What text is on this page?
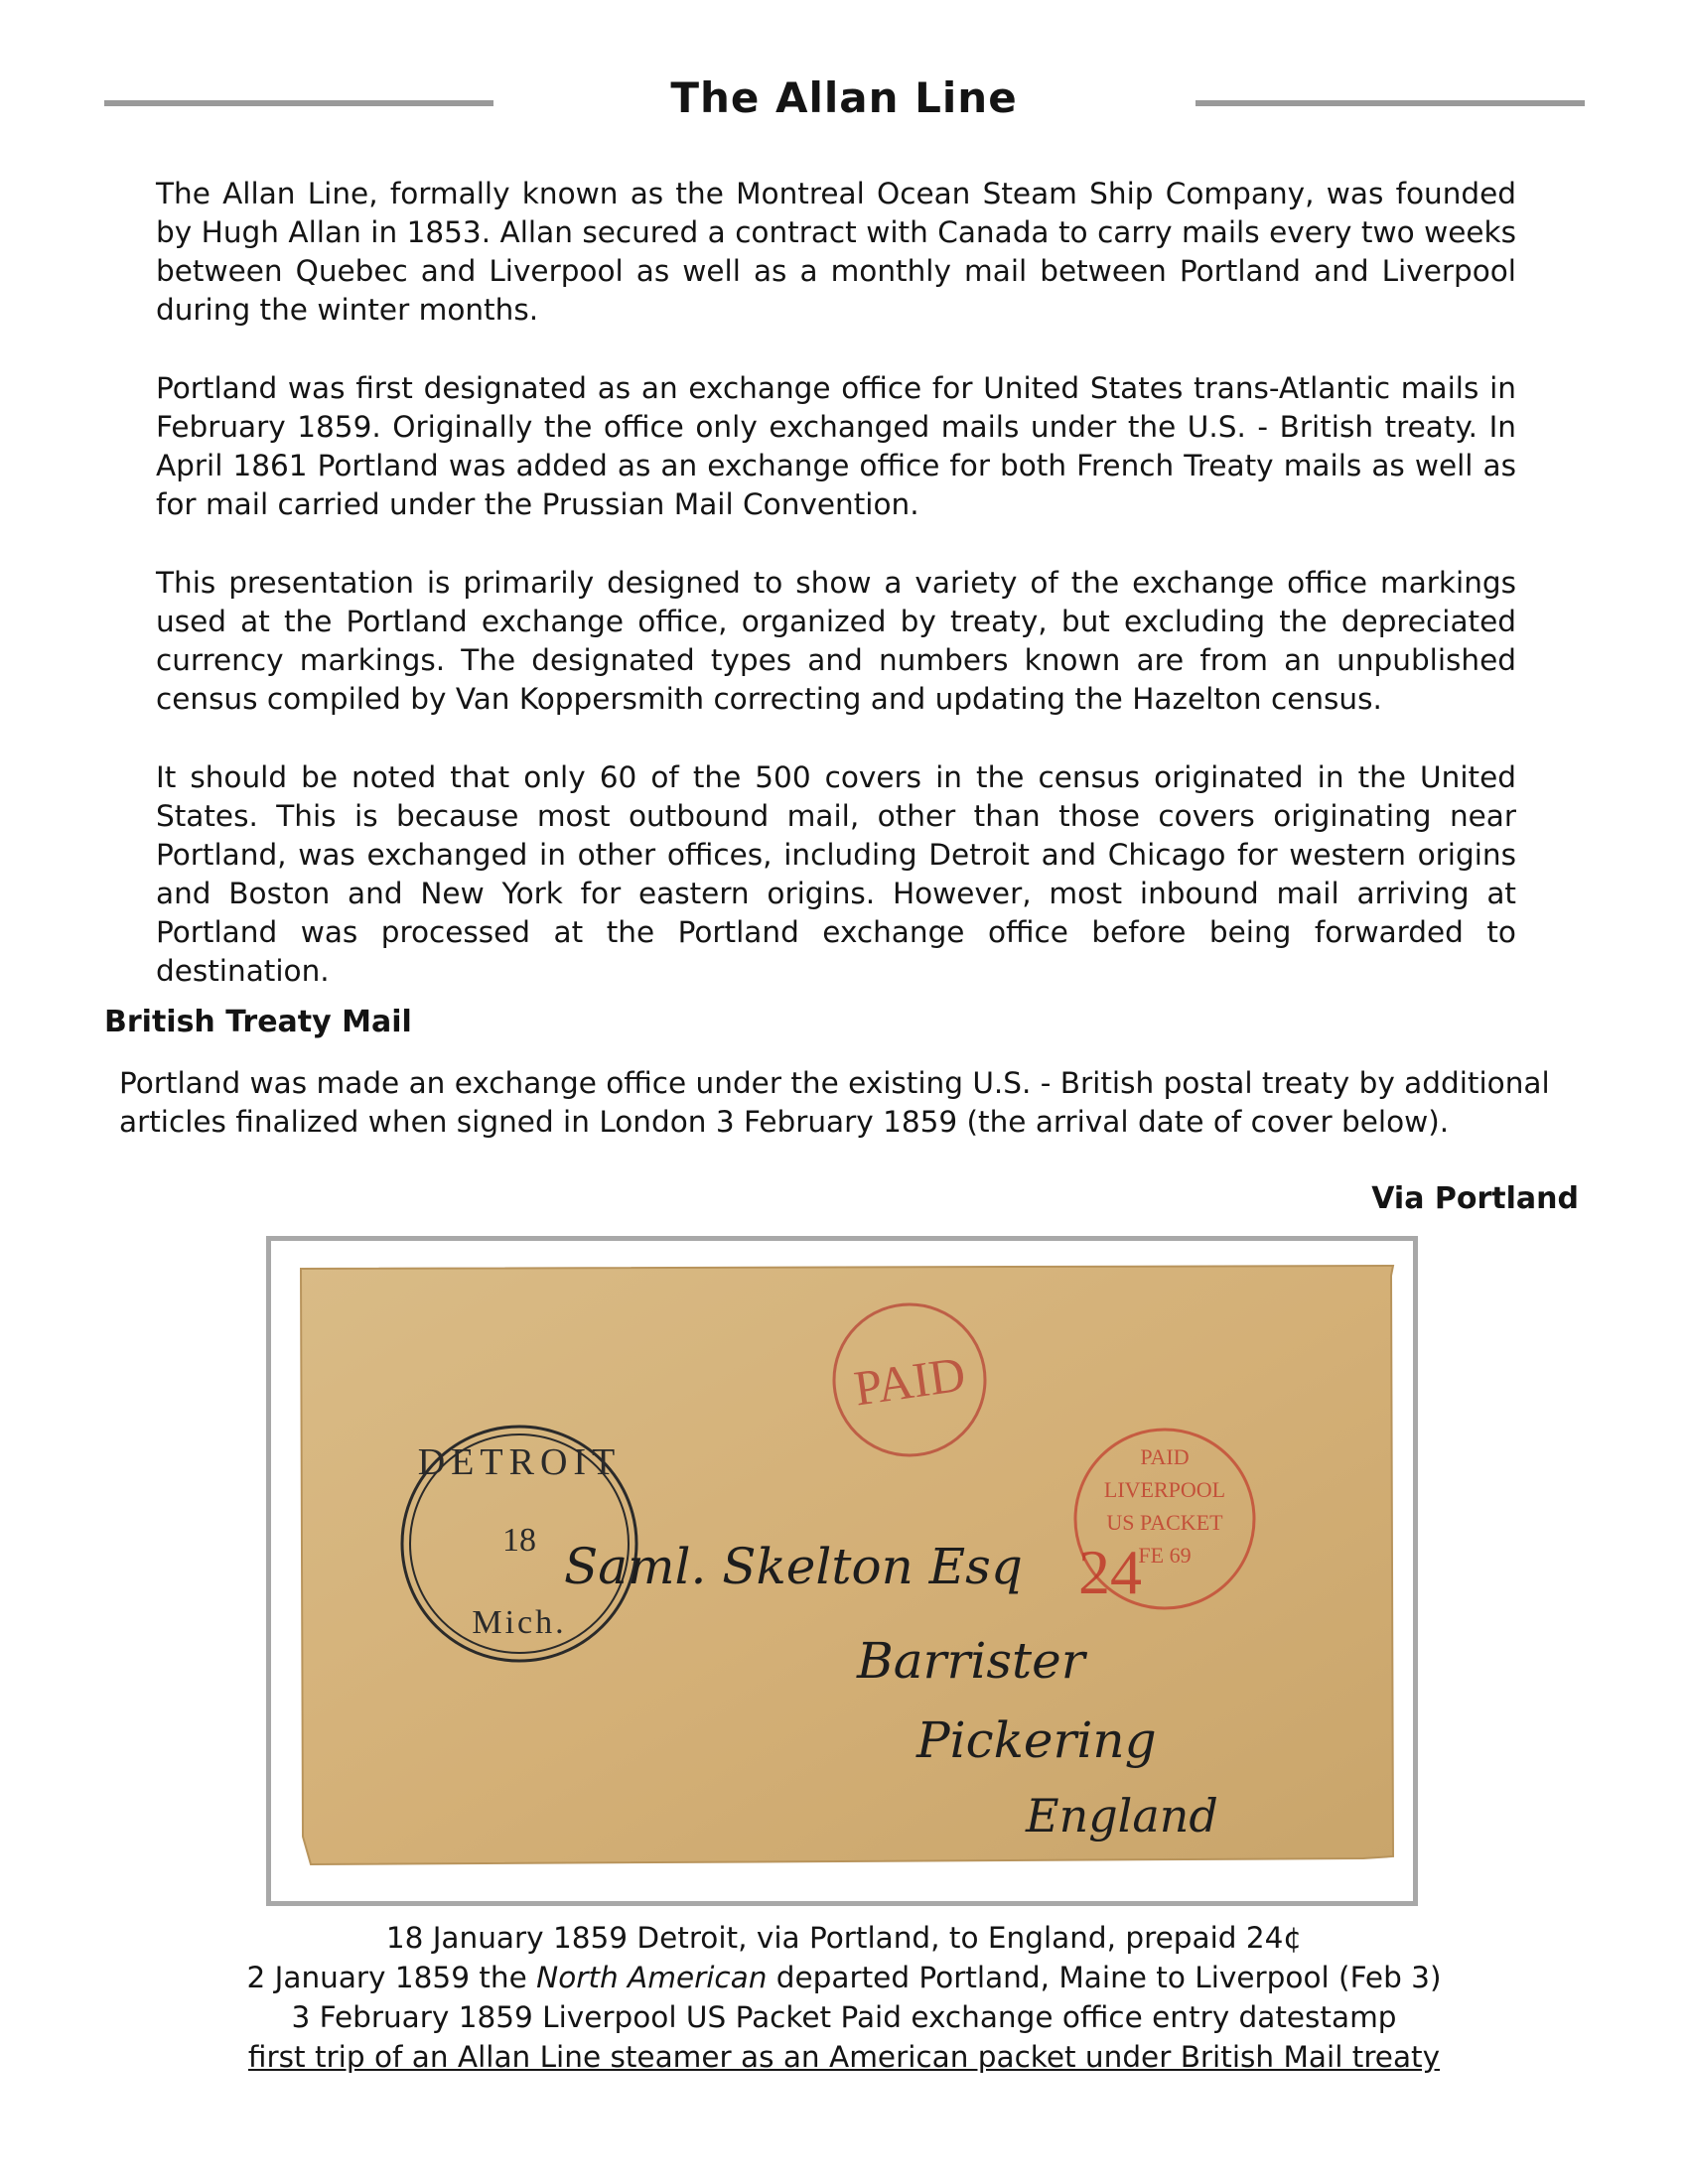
The Allan Line

The Allan Line, formally known as the Montreal Ocean Steam Ship Company, was founded by Hugh Allan in 1853. Allan secured a contract with Canada to carry mails every two weeks between Quebec and Liverpool as well as a monthly mail between Portland and Liverpool during the winter months.

Portland was first designated as an exchange office for United States trans-Atlantic mails in February 1859. Originally the office only exchanged mails under the U.S. - British treaty. In April 1861 Portland was added as an exchange office for both French Treaty mails as well as for mail carried under the Prussian Mail Convention.

This presentation is primarily designed to show a variety of the exchange office markings used at the Portland exchange office, organized by treaty, but excluding the depreciated currency markings. The designated types and numbers known are from an unpublished census compiled by Van Koppersmith correcting and updating the Hazelton census.

It should be noted that only 60 of the 500 covers in the census originated in the United States. This is because most outbound mail, other than those covers originating near Portland, was exchanged in other offices, including Detroit and Chicago for western origins and Boston and New York for eastern origins. However, most inbound mail arriving at Portland was processed at the Portland exchange office before being forwarded to destination.

British Treaty Mail

Portland was made an exchange office under the existing U.S. - British postal treaty by additional articles finalized when signed in London 3 February 1859 (the arrival date of cover below).

Via Portland

PAID
DETROIT
18
Mich.
PAID
LIVERPOOL
US PACKET
FE 69
24
Saml. Skelton Esq
Barrister
Pickering
England

18 January 1859 Detroit, via Portland, to England, prepaid 24¢

2 January 1859 the North American departed Portland, Maine to Liverpool (Feb 3)

3 February 1859 Liverpool US Packet Paid exchange office entry datestamp

first trip of an Allan Line steamer as an American packet under British Mail treaty
